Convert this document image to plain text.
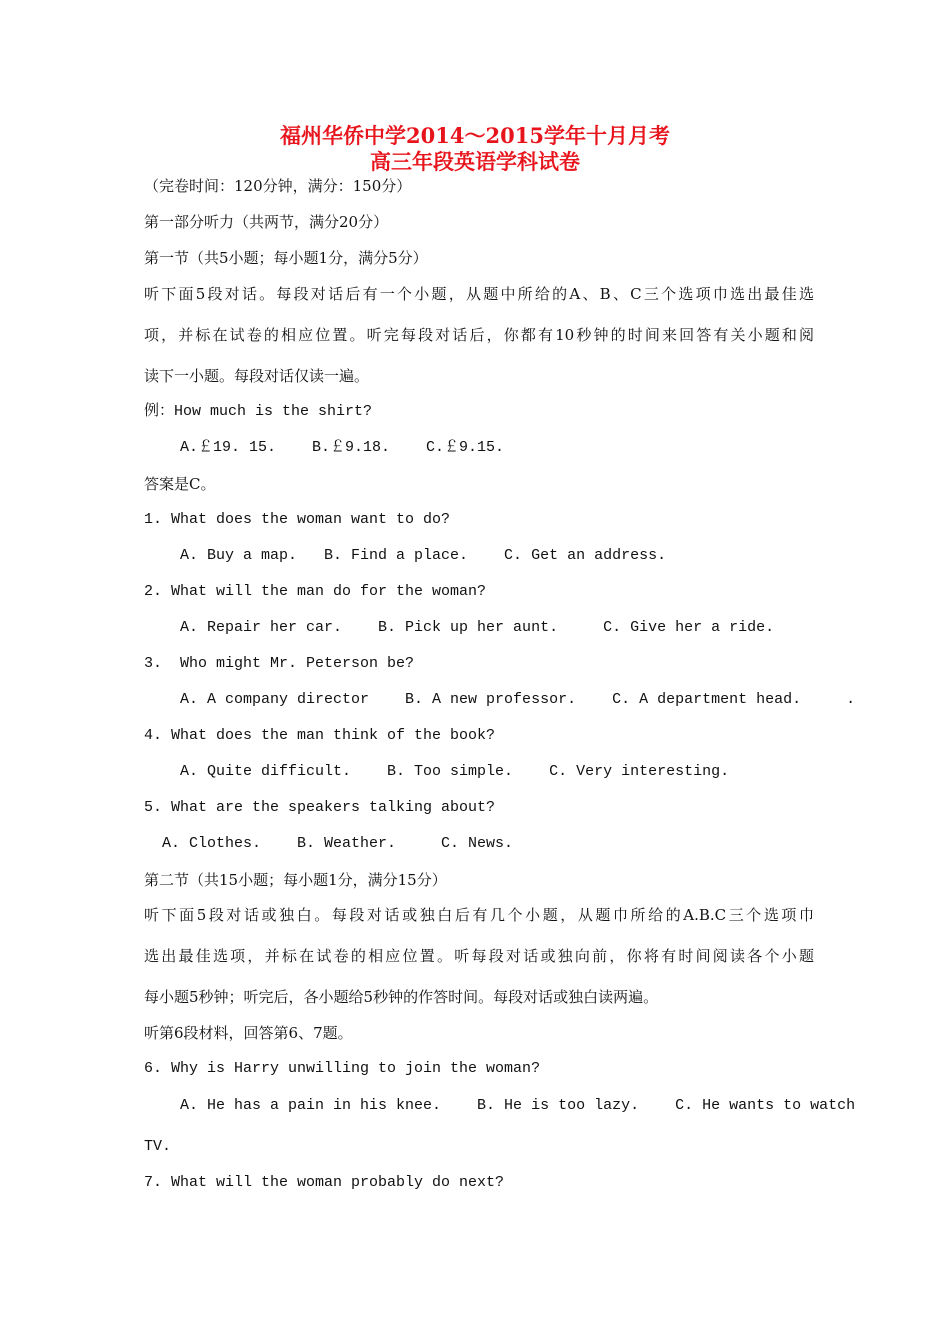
福州华侨中学2014～2015学年十月月考
高三年段英语学科试卷
（完卷时间：120分钟，满分：150分）
第一部分听力（共两节，满分20分）
第一节（共5小题；每小题1分，满分5分）
听下面5段对话。每段对话后有一个小题，从题中所给的A、B、C三个选项巾选出最佳选
项，并标在试卷的相应位置。听完每段对话后，你都有10秒钟的时间来回答有关小题和阅
读下一小题。每段对话仅读一遍。
例：How much is the shirt?
A.￡19. 15.    B.￡9.18.    C.￡9.15.
答案是C。
1. What does the woman want to do?
A. Buy a map.   B. Find a place.    C. Get an address.
2. What will the man do for the woman?
A. Repair her car.    B. Pick up her aunt.     C. Give her a ride.
3.  Who might Mr. Peterson be?
A. A company director    B. A new professor.    C. A department head.     .
4. What does the man think of the book?
A. Quite difficult.    B. Too simple.    C. Very interesting.
5. What are the speakers talking about?
A. Clothes.    B. Weather.     C. News.
第二节（共15小题；每小题1分，满分15分）
听下面5段对话或独白。每段对话或独白后有几个小题，从题巾所给的A.B.C三个选项巾
选出最佳选项，并标在试卷的相应位置。听每段对话或独向前，你将有时间阅读各个小题
每小题5秒钟；听完后，各小题给5秒钟的作答时间。每段对话或独白读两遍。
听第6段材料，回答第6、7题。
6. Why is Harry unwilling to join the woman?
A. He has a pain in his knee.    B. He is too lazy.    C. He wants to watch
TV.
7. What will the woman probably do next?
